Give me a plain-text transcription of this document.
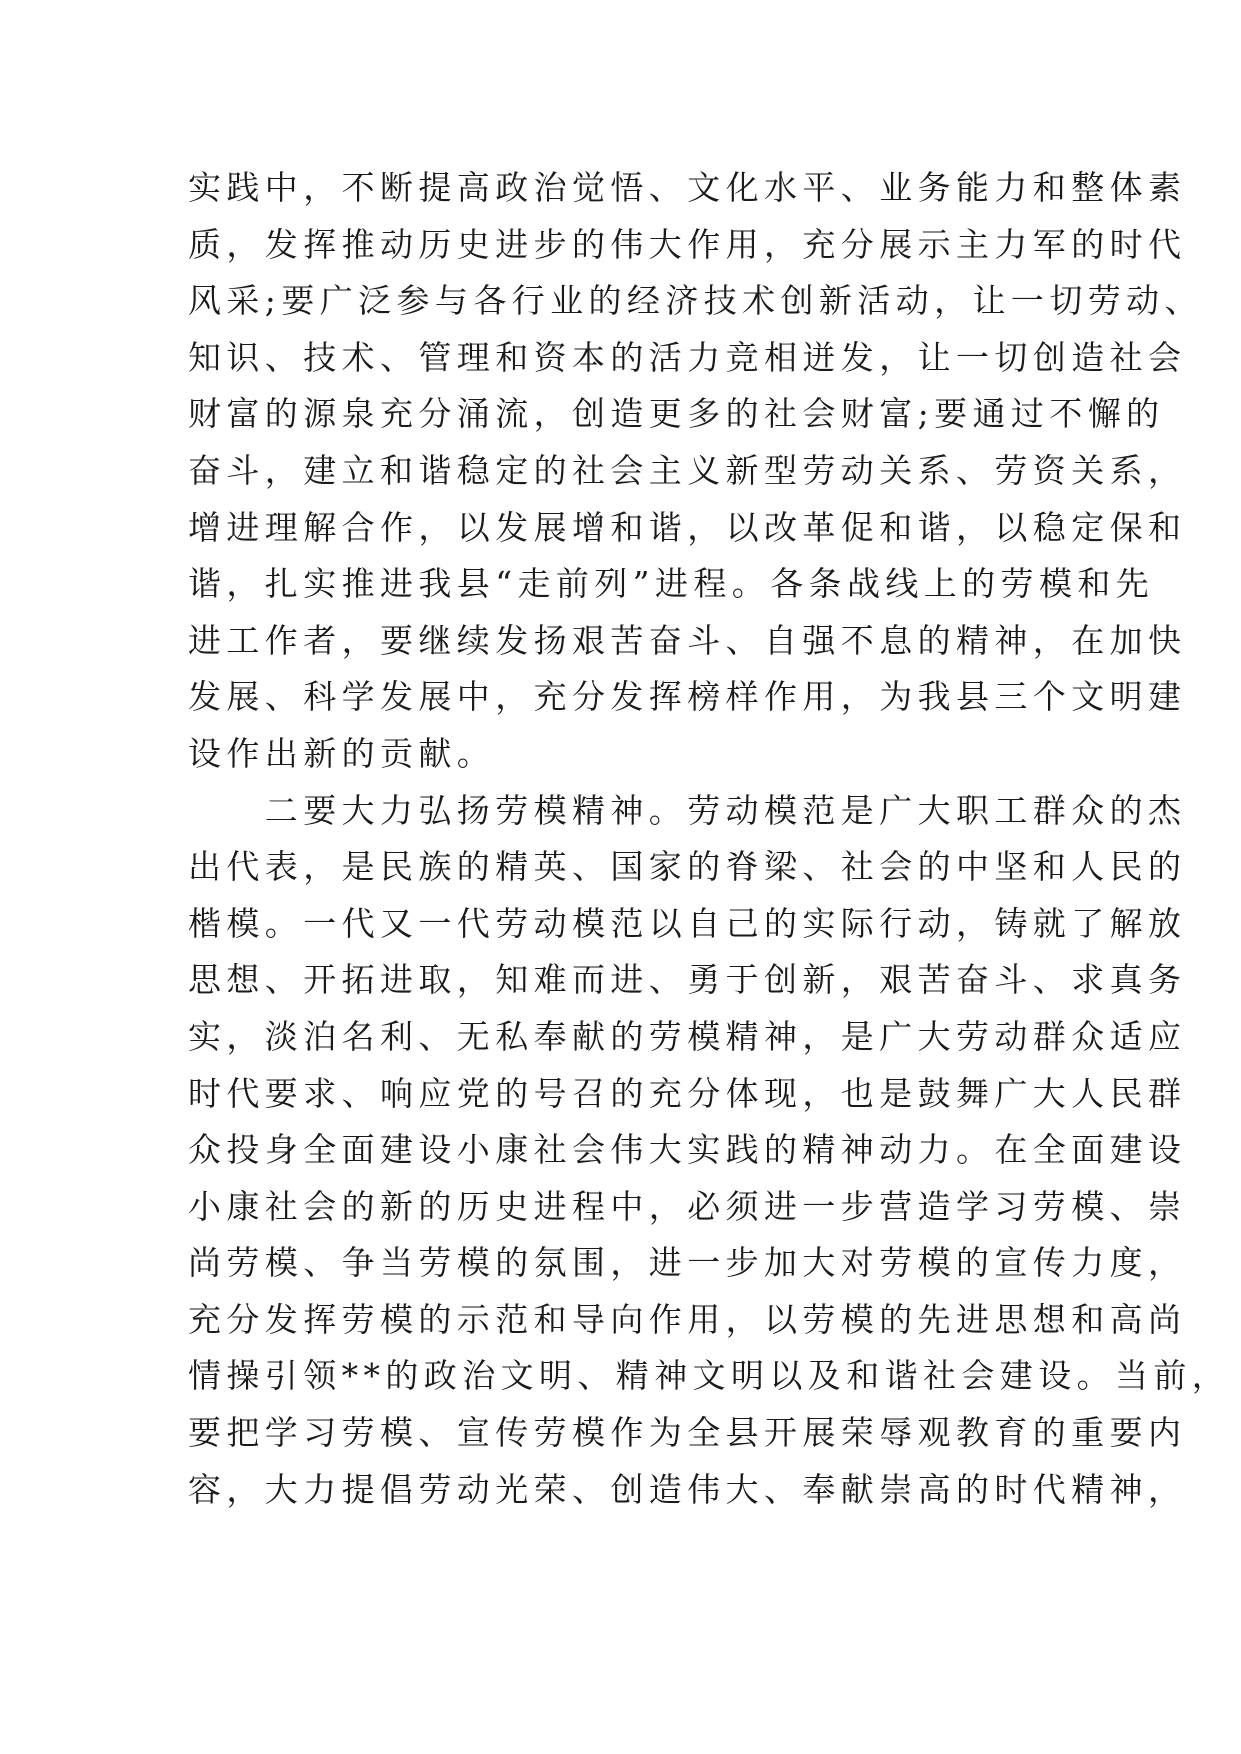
实践中，不断提高政治觉悟、文化水平、业务能力和整体素
质，发挥推动历史进步的伟大作用，充分展示主力军的时代
风采;要广泛参与各行业的经济技术创新活动，让一切劳动、
知识、技术、管理和资本的活力竞相迸发，让一切创造社会
财富的源泉充分涌流，创造更多的社会财富;要通过不懈的
奋斗，建立和谐稳定的社会主义新型劳动关系、劳资关系，
增进理解合作，以发展增和谐，以改革促和谐，以稳定保和
谐，扎实推进我县“走前列”进程。各条战线上的劳模和先
进工作者，要继续发扬艰苦奋斗、自强不息的精神，在加快
发展、科学发展中，充分发挥榜样作用，为我县三个文明建
设作出新的贡献。
　　二要大力弘扬劳模精神。劳动模范是广大职工群众的杰
出代表，是民族的精英、国家的脊梁、社会的中坚和人民的
楷模。一代又一代劳动模范以自己的实际行动，铸就了解放
思想、开拓进取，知难而进、勇于创新，艰苦奋斗、求真务
实，淡泊名利、无私奉献的劳模精神，是广大劳动群众适应
时代要求、响应党的号召的充分体现，也是鼓舞广大人民群
众投身全面建设小康社会伟大实践的精神动力。在全面建设
小康社会的新的历史进程中，必须进一步营造学习劳模、崇
尚劳模、争当劳模的氛围，进一步加大对劳模的宣传力度，
充分发挥劳模的示范和导向作用，以劳模的先进思想和高尚
情操引领**的政治文明、精神文明以及和谐社会建设。当前，
要把学习劳模、宣传劳模作为全县开展荣辱观教育的重要内
容，大力提倡劳动光荣、创造伟大、奉献崇高的时代精神，
